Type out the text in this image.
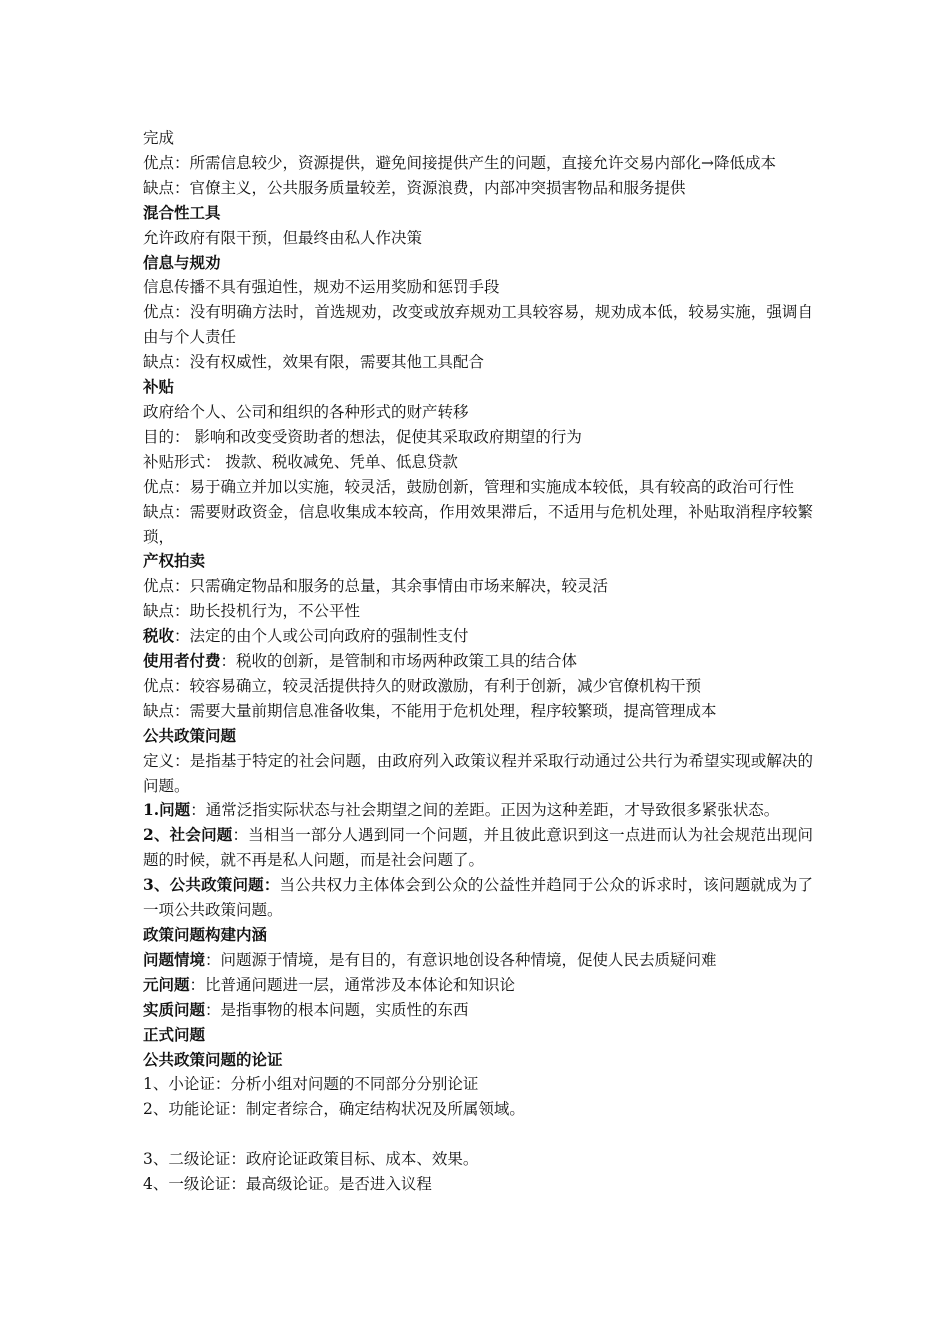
完成
优点：所需信息较少，资源提供，避免间接提供产生的问题，直接允许交易内部化→降低成本
缺点：官僚主义，公共服务质量较差，资源浪费，内部冲突损害物品和服务提供
混合性工具
允许政府有限干预，但最终由私人作决策
信息与规劝
信息传播不具有强迫性，规劝不运用奖励和惩罚手段
优点：没有明确方法时，首选规劝，改变或放弃规劝工具较容易，规劝成本低，较易实施，强调自由与个人责任
缺点：没有权威性，效果有限，需要其他工具配合
补贴
政府给个人、公司和组织的各种形式的财产转移
目的： 影响和改变受资助者的想法，促使其采取政府期望的行为
补贴形式： 拨款、税收减免、凭单、低息贷款
优点：易于确立并加以实施，较灵活，鼓励创新，管理和实施成本较低，具有较高的政治可行性
缺点：需要财政资金，信息收集成本较高，作用效果滞后，不适用与危机处理，补贴取消程序较繁琐，
产权拍卖
优点：只需确定物品和服务的总量，其余事情由市场来解决，较灵活
缺点：助长投机行为，不公平性
税收：法定的由个人或公司向政府的强制性支付
使用者付费：税收的创新，是管制和市场两种政策工具的结合体
优点：较容易确立，较灵活提供持久的财政激励，有利于创新，减少官僚机构干预
缺点：需要大量前期信息准备收集，不能用于危机处理，程序较繁琐，提高管理成本
公共政策问题
定义：是指基于特定的社会问题，由政府列入政策议程并采取行动通过公共行为希望实现或解决的问题。
1.问题：通常泛指实际状态与社会期望之间的差距。正因为这种差距，才导致很多紧张状态。
2、社会问题：当相当一部分人遇到同一个问题，并且彼此意识到这一点进而认为社会规范出现问题的时候，就不再是私人问题，而是社会问题了。
3、公共政策问题：当公共权力主体体会到公众的公益性并趋同于公众的诉求时，该问题就成为了一项公共政策问题。
政策问题构建内涵
问题情境：问题源于情境，是有目的，有意识地创设各种情境，促使人民去质疑问难
元问题：比普通问题进一层，通常涉及本体论和知识论
实质问题：是指事物的根本问题，实质性的东西
正式问题
公共政策问题的论证
1、小论证：分析小组对问题的不同部分分别论证
2、功能论证：制定者综合，确定结构状况及所属领域。
3、二级论证：政府论证政策目标、成本、效果。
4、一级论证：最高级论证。是否进入议程
